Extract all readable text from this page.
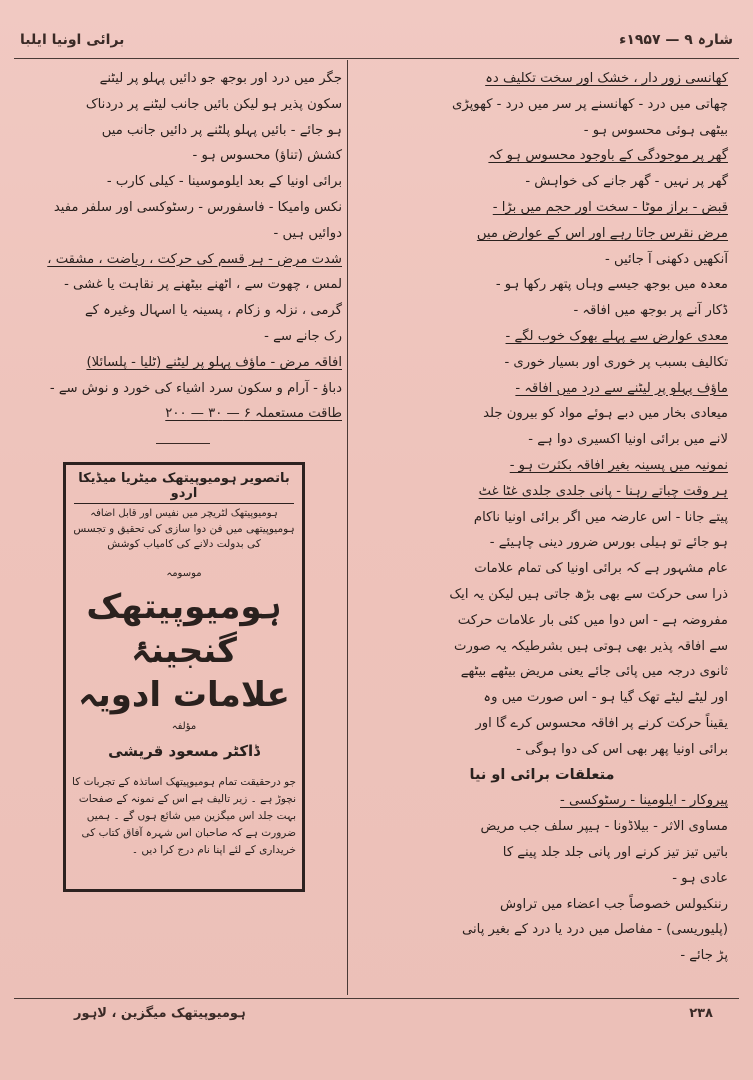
برائی اونیا ایلبا	شارہ ۹ — ۱۹۵۷ء

کھانسی زور دار ، خشک اور سخت تکلیف دہ

چھاتی میں درد - کھانسنے پر سر میں درد - کھوپڑی

بیٹھی ہوئی محسوس ہو -

گھر پر موجودگی کے باوجود محسوس ہو کہ

گھر پر نہیں - گھر جانے کی خواہش -

قبض - براز موٹا - سخت اور حجم میں بڑا -

مرض نقرس جاتا رہے اور اس کے عوارض میں

آنکھیں دکھنی آ جائیں -

معدہ میں بوجھ جیسے وہاں پتھر رکھا ہو -

ڈکار آنے پر بوجھ میں افاقہ -

معدی عوارض سے پہلے بھوک خوب لگے -

تکالیف بسبب پر خوری اور بسیار خوری -

ماؤف پہلو پر لیٹنے سے درد میں افاقہ -

میعادی بخار میں دبے ہوئے مواد کو بیرون جلد

لانے میں برائی اونیا اکسیری دوا ہے -

نمونیہ میں پسینہ بغیر افاقہ بکثرت ہو -

ہر وقت چباتے رہنا - پانی جلدی جلدی غٹا غٹ

پیتے جانا - اس عارضہ میں اگر برائی اونیا ناکام

ہو جائے تو ہیلی بورس ضرور دینی چاہیئے -

عام مشہور ہے کہ برائی اونیا کی تمام علامات

ذرا سی حرکت سے بھی بڑھ جاتی ہیں لیکن یہ ایک

مفروضہ ہے - اس دوا میں کئی بار علامات حرکت

سے افاقہ پذیر بھی ہوتی ہیں بشرطیکہ یہ صورت

ثانوی درجہ میں پائی جائے یعنی مریض بیٹھے بیٹھے

اور لیٹے لیٹے تھک گیا ہو - اس صورت میں وہ

یقیناً حرکت کرنے پر افاقہ محسوس کرے گا اور

برائی اونیا پھر بھی اس کی دوا ہوگی -

متعلقات برائی او نیا

پیروکار - ایلومینا - رسٹوکسی -

مساوی الاثر - بیلاڈونا - ہیپر سلف جب مریض

باتیں تیز تیز کرنے اور پانی جلد جلد پینے کا

عادی ہو -

رننکیولس خصوصاً جب اعضاء میں تراوش

(پلیوریسی) - مفاصل میں درد یا درد کے بغیر پانی

پڑ جائے -

جگر میں درد اور بوجھ جو دائیں پہلو پر لیٹنے

سکون پذیر ہو لیکن بائیں جانب لیٹنے پر دردناک

ہو جائے - بائیں پہلو پلٹنے پر دائیں جانب میں

کشش (تناؤ) محسوس ہو -

برائی اونیا کے بعد ایلوموسینا - کیلی کارب -

نکس وامیکا - فاسفورس - رسٹوکسی اور سلفر مفید

دوائیں ہیں -

شدت مرض - ہر قسم کی حرکت ، ریاضت ، مشقت ،

لمس ، چھوت سے ، اٹھنے بیٹھنے پر نقاہت یا غشی -

گرمی ، نزلہ و زکام ، پسینہ یا اسہال وغیرہ کے

رک جانے سے -

افاقہ مرض - ماؤف پہلو پر لیٹنے (ٹلیا - پلسائلا)

دباؤ - آرام و سکون سرد اشیاء کی خورد و نوش سے -

طاقت مستعملہ ۶ — ۳۰ — ۲۰۰

باتصویر ہومیوپیتھک میٹریا میڈیکا اردو
ہومیوپیتھک لٹریچر میں نفیس اور قابل اضافہ
ہومیوپیتھی میں فن دوا سازی کی تحقیق و تجسس کی بدولت دلانے کی کامیاب کوشش
موسومہ
ہومیوپیتھک گنجینۂ علامات ادویہ
مؤلفہ
ڈاکٹر مسعود قریشی
جو درحقیقت تمام ہومیوپیتھک اساتذہ کے تجربات کا نچوڑ ہے ۔ زیر تالیف ہے اس کے نمونہ کے صفحات بہت جلد اس میگزین میں شائع ہوں گے ۔ ہمیں ضرورت ہے کہ صاحبان اس شہرہ آفاق کتاب کی خریداری کے لئے اپنا نام درج کرا دیں ۔
ہومیوپیتھک میگزین ، لاہور	۲۳۸
